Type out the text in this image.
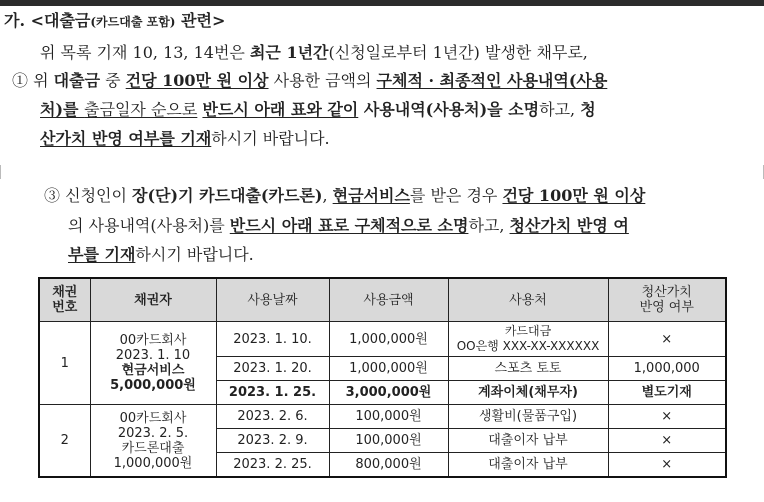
가. <대출금(카드대출 포함) 관련>
위 목록 기재 10, 13, 14번은 최근 1년간(신청일로부터 1년간) 발생한 채무로,
① 위 대출금 중 건당 100만 원 이상 사용한 금액의 구체적 · 최종적인 사용내역(사용
처)를 출금일자 순으로 반드시 아래 표와 같이 사용내역(사용처)을 소명하고, 청
산가치 반영 여부를 기재하시기 바랍니다.
③ 신청인이 장(단)기 카드대출(카드론), 현금서비스를 받은 경우 건당 100만 원 이상
의 사용내역(사용처)를 반드시 아래 표로 구체적으로 소명하고, 청산가치 반영 여
부를 기재하시기 바랍니다.
채권
번호	채권자	사용날짜	사용금액	사용처	청산가치
반영 여부
1	00카드회사
2023. 1. 10
현금서비스
5,000,000원	2023. 1. 10.	1,000,000원	카드대금
OO은행 XXX-XX-XXXXXX	×
		2023. 1. 20.	1,000,000원	스포츠 토토	1,000,000
		2023. 1. 25.	3,000,000원	계좌이체(채무자)	별도기재
2	00카드회사
2023. 2. 5.
카드론대출
1,000,000원	2023. 2. 6.	100,000원	생활비(물품구입)	×
		2023. 2. 9.	100,000원	대출이자 납부	×
		2023. 2. 25.	800,000원	대출이자 납부	×
